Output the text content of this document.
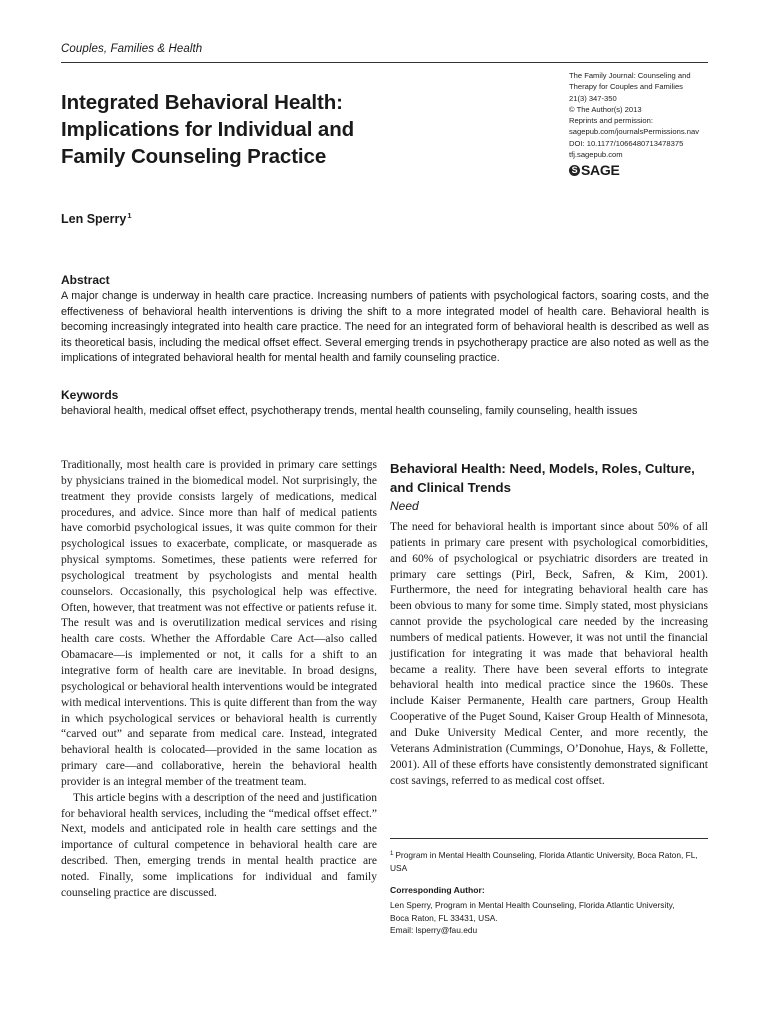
Couples, Families & Health
Integrated Behavioral Health:
Implications for Individual and
Family Counseling Practice
The Family Journal: Counseling and
Therapy for Couples and Families
21(3) 347-350
© The Author(s) 2013
Reprints and permission:
sagepub.com/journalsPermissions.nav
DOI: 10.1177/1066480713478375
tfj.sagepub.com
S SAGE
Len Sperry$^1$
Abstract
A major change is underway in health care practice. Increasing numbers of patients with psychological factors, soaring costs, and the effectiveness of behavioral health interventions is driving the shift to a more integrated model of health care. Behavioral health is becoming increasingly integrated into health care practice. The need for an integrated form of behavioral health is described as well as its theoretical basis, including the medical offset effect. Several emerging trends in psychotherapy practice are also noted as well as the implications of integrated behavioral health for mental health and family counseling practice.
Keywords
behavioral health, medical offset effect, psychotherapy trends, mental health counseling, family counseling, health issues

Traditionally, most health care is provided in primary care settings by physicians trained in the biomedical model. Not surprisingly, the treatment they provide consists largely of medications, medical procedures, and advice. Since more than half of medical patients have comorbid psychological issues, it was quite common for their psychological issues to exacerbate, complicate, or masquerade as physical symptoms. Sometimes, these patients were referred for psychological treatment by psychologists and mental health counselors. Occasionally, this psychological help was effective. Often, however, that treatment was not effective or patients refuse it. The result was and is overutilization medical services and rising health care costs. Whether the Affordable Care Act—also called Obamacare—is implemented or not, it calls for a shift to an integrative form of health care are inevitable. In broad designs, psychological or behavioral health interventions would be integrated with medical interventions. This is quite different than from the way in which psychological services or behavioral health is currently “carved out” and separate from medical care. Instead, integrated behavioral health is colocated—provided in the same location as primary care—and collaborative, herein the behavioral health provider is an integral member of the treatment team.

This article begins with a description of the need and justification for behavioral health services, including the “medical offset effect.” Next, models and anticipated role in health care settings and the importance of cultural competence in behavioral health care are described. Then, emerging trends in mental health practice are noted. Finally, some implications for individual and family counseling practice are discussed.

Behavioral Health: Need, Models, Roles, Culture, and Clinical Trends
Need

The need for behavioral health is important since about 50% of all patients in primary care present with psychological comorbidities, and 60% of psychological or psychiatric disorders are treated in primary care settings (Pirl, Beck, Safren, & Kim, 2001). Furthermore, the need for integrating behavioral health care has been obvious to many for some time. Simply stated, most physicians cannot provide the psychological care needed by the increasing numbers of medical patients. However, it was not until the financial justification for integrating it was made that behavioral health became a reality. There have been several efforts to integrate behavioral health into medical practice since the 1960s. These include Kaiser Permanente, Health care partners, Group Health Cooperative of the Puget Sound, Kaiser Group Health of Minnesota, and Duke University Medical Center, and more recently, the Veterans Administration (Cummings, O’Donohue, Hays, & Follette, 2001). All of these efforts have consistently demonstrated significant cost savings, referred to as medical cost offset.

$^1$ Program in Mental Health Counseling, Florida Atlantic University, Boca Raton, FL, USA
Corresponding Author:
Len Sperry, Program in Mental Health Counseling, Florida Atlantic University,
Boca Raton, FL 33431, USA.
Email: lsperry@fau.edu
